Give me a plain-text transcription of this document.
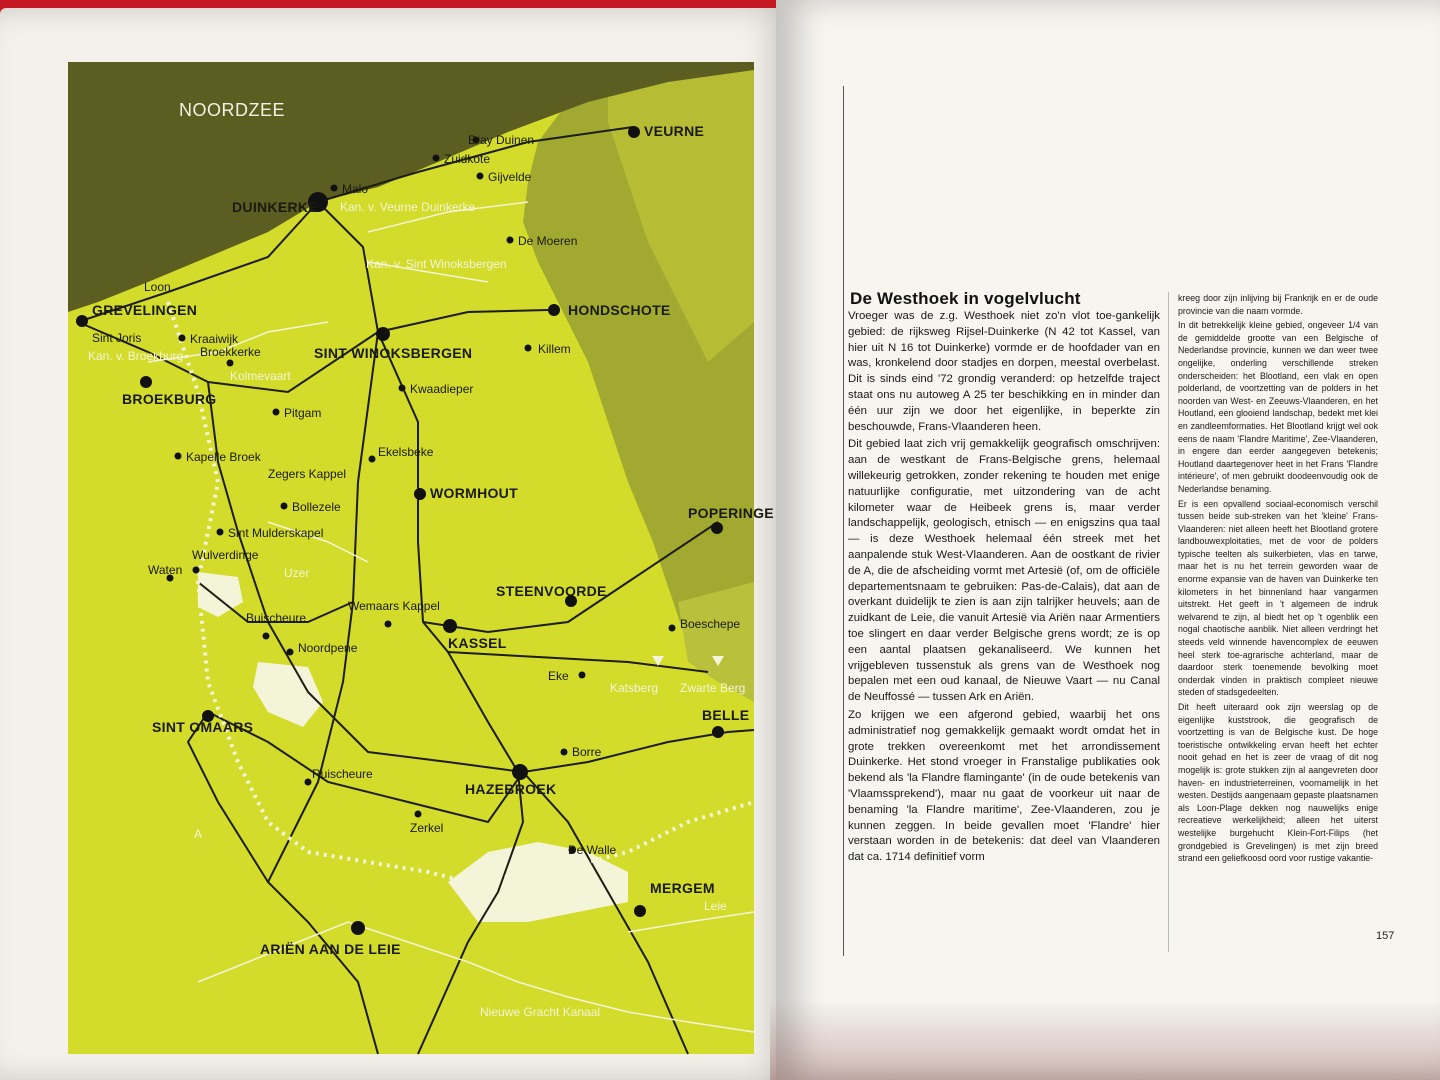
NOORDZEE
VEURNE
DUINKERKE
HONDSCHOTE
GREVELINGEN
SINT WINOKSBERGEN
BROEKBURG
WORMHOUT
POPERINGE
STEENVOORDE
KASSEL
SINT OMAARS
BELLE
HAZEBROEK
MERGEM
ARIËN AAN DE LEIE
Bray Duinen
Zuidkote
Gijvelde
Malo
De Moeren
Loon
Killem
Sint Joris	Kraaiwijk
Broekkerke
Kwaadieper
Pitgam
Kapelle Broek	Ekelsbeke
Zegers Kappel
Bollezele
Sint Mulderskapel
Wulverdinge
Waten
Buischeure
Wemaars Kappel
Noordpene
Boeschepe
Eke
Katsberg Zwarte Berg
Borre
Ruischeure
Zerkel
De Walle
Kan. v. Veurne Duinkerke
Kan. v. Sint Winoksbergen
Kolmevaart
Uzer
A
Leie
Nieuwe Gracht Kanaal
Kan. v. Broekburg
De Westhoek in vogelvlucht

Vroeger was de z.g. Westhoek niet zo'n vlot toe-gankelijk gebied: de rijksweg Rijsel-Duinkerke (N 42 tot Kassel, van hier uit N 16 tot Duinkerke) vormde er de hoofdader van en was, kronkelend door stadjes en dorpen, meestal overbelast. Dit is sinds eind '72 grondig veranderd: op hetzelfde traject staat ons nu autoweg A 25 ter beschikking en in minder dan één uur zijn we door het eigenlijke, in beperkte zin beschouwde, Frans-Vlaanderen heen.

Dit gebied laat zich vrij gemakkelijk geografisch omschrijven: aan de westkant de Frans-Belgische grens, helemaal willekeurig getrokken, zonder rekening te houden met enige natuurlijke configuratie, met uitzondering van de acht kilometer waar de Heibeek grens is, maar verder landschappelijk, geologisch, etnisch — en enigszins qua taal — is deze Westhoek helemaal één streek met het aanpalende stuk West-Vlaanderen. Aan de oostkant de rivier de A, die de afscheiding vormt met Artesië (of, om de officiële departementsnaam te gebruiken: Pas-de-Calais), dat aan de overkant duidelijk te zien is aan zijn talrijker heuvels; aan de zuidkant de Leie, die vanuit Artesië via Ariën naar Armentiers toe slingert en daar verder Belgische grens wordt; ze is op een aantal plaatsen gekanaliseerd. We kunnen het vrijgebleven tussenstuk als grens van de Westhoek nog bepalen met een oud kanaal, de Nieuwe Vaart — nu Canal de Neuffossé — tussen Ark en Ariën.

Zo krijgen we een afgerond gebied, waarbij het ons administratief nog gemakkelijk gemaakt wordt omdat het in grote trekken overeenkomt met het arrondissement Duinkerke. Het stond vroeger in Franstalige publikaties ook bekend als 'la Flandre flamingante' (in de oude betekenis van 'Vlaamssprekend'), maar nu gaat de voorkeur uit naar de benaming 'la Flandre maritime', Zee-Vlaanderen, zou je kunnen zeggen. In beide gevallen moet 'Flandre' hier verstaan worden in de betekenis: dat deel van Vlaanderen dat ca. 1714 definitief vorm

kreeg door zijn inlijving bij Frankrijk en er de oude provincie van die naam vormde.

In dit betrekkelijk kleine gebied, ongeveer 1/4 van de gemiddelde grootte van een Belgische of Nederlandse provincie, kunnen we dan weer twee ongelijke, onderling verschillende streken onderscheiden: het Blootland, een vlak en open polderland, de voortzetting van de polders in het noorden van West- en Zeeuws-Vlaanderen, en het Houtland, een glooiend landschap, bedekt met klei en zandleemformaties. Het Blootland krijgt wel ook eens de naam 'Flandre Maritime', Zee-Vlaanderen, in engere dan eerder aangegeven betekenis; Houtland daartegenover heet in het Frans 'Flandre intérieure', of men gebruikt doodeenvoudig ook de Nederlandse benaming.

Er is een opvallend sociaal-economisch verschil tussen beide sub-streken van het 'kleine' Frans-Vlaanderen: niet alleen heeft het Blootland grotere landbouwexploitaties, met de voor de polders typische teelten als suikerbieten, vlas en tarwe, maar het is nu het terrein geworden waar de enorme expansie van de haven van Duinkerke ten kilometers in het binnenland haar vangarmen uitstrekt. Het geeft in 't algemeen de indruk welvarend te zijn, al biedt het op 't ogenblik een nogal chaotische aanblik. Niet alleen verdringt het steeds veld winnende havencomplex de eeuwen heel sterk toe-agrarische achterland, maar de daardoor sterk toenemende bevolking moet onderdak vinden in praktisch compleet nieuwe steden of stadsgedeelten.

Dit heeft uiteraard ook zijn weerslag op de eigenlijke kuststrook, die geografisch de voortzetting is van de Belgische kust. De hoge toeristische ontwikkeling ervan heeft het echter nooit gehad en het is zeer de vraag of dit nog mogelijk is: grote stukken zijn al aangevreten door haven- en industrieterreinen, voornamelijk in het westen. Destijds aangenaam gepaste plaatsnamen als Loon-Plage dekken nog nauwelijks enige recreatieve werkelijkheid; alleen het uiterst westelijke burgehucht Klein-Fort-Filips (het grondgebied is Grevelingen) is met zijn breed strand een geliefkoosd oord voor rustige vakantie-

157
